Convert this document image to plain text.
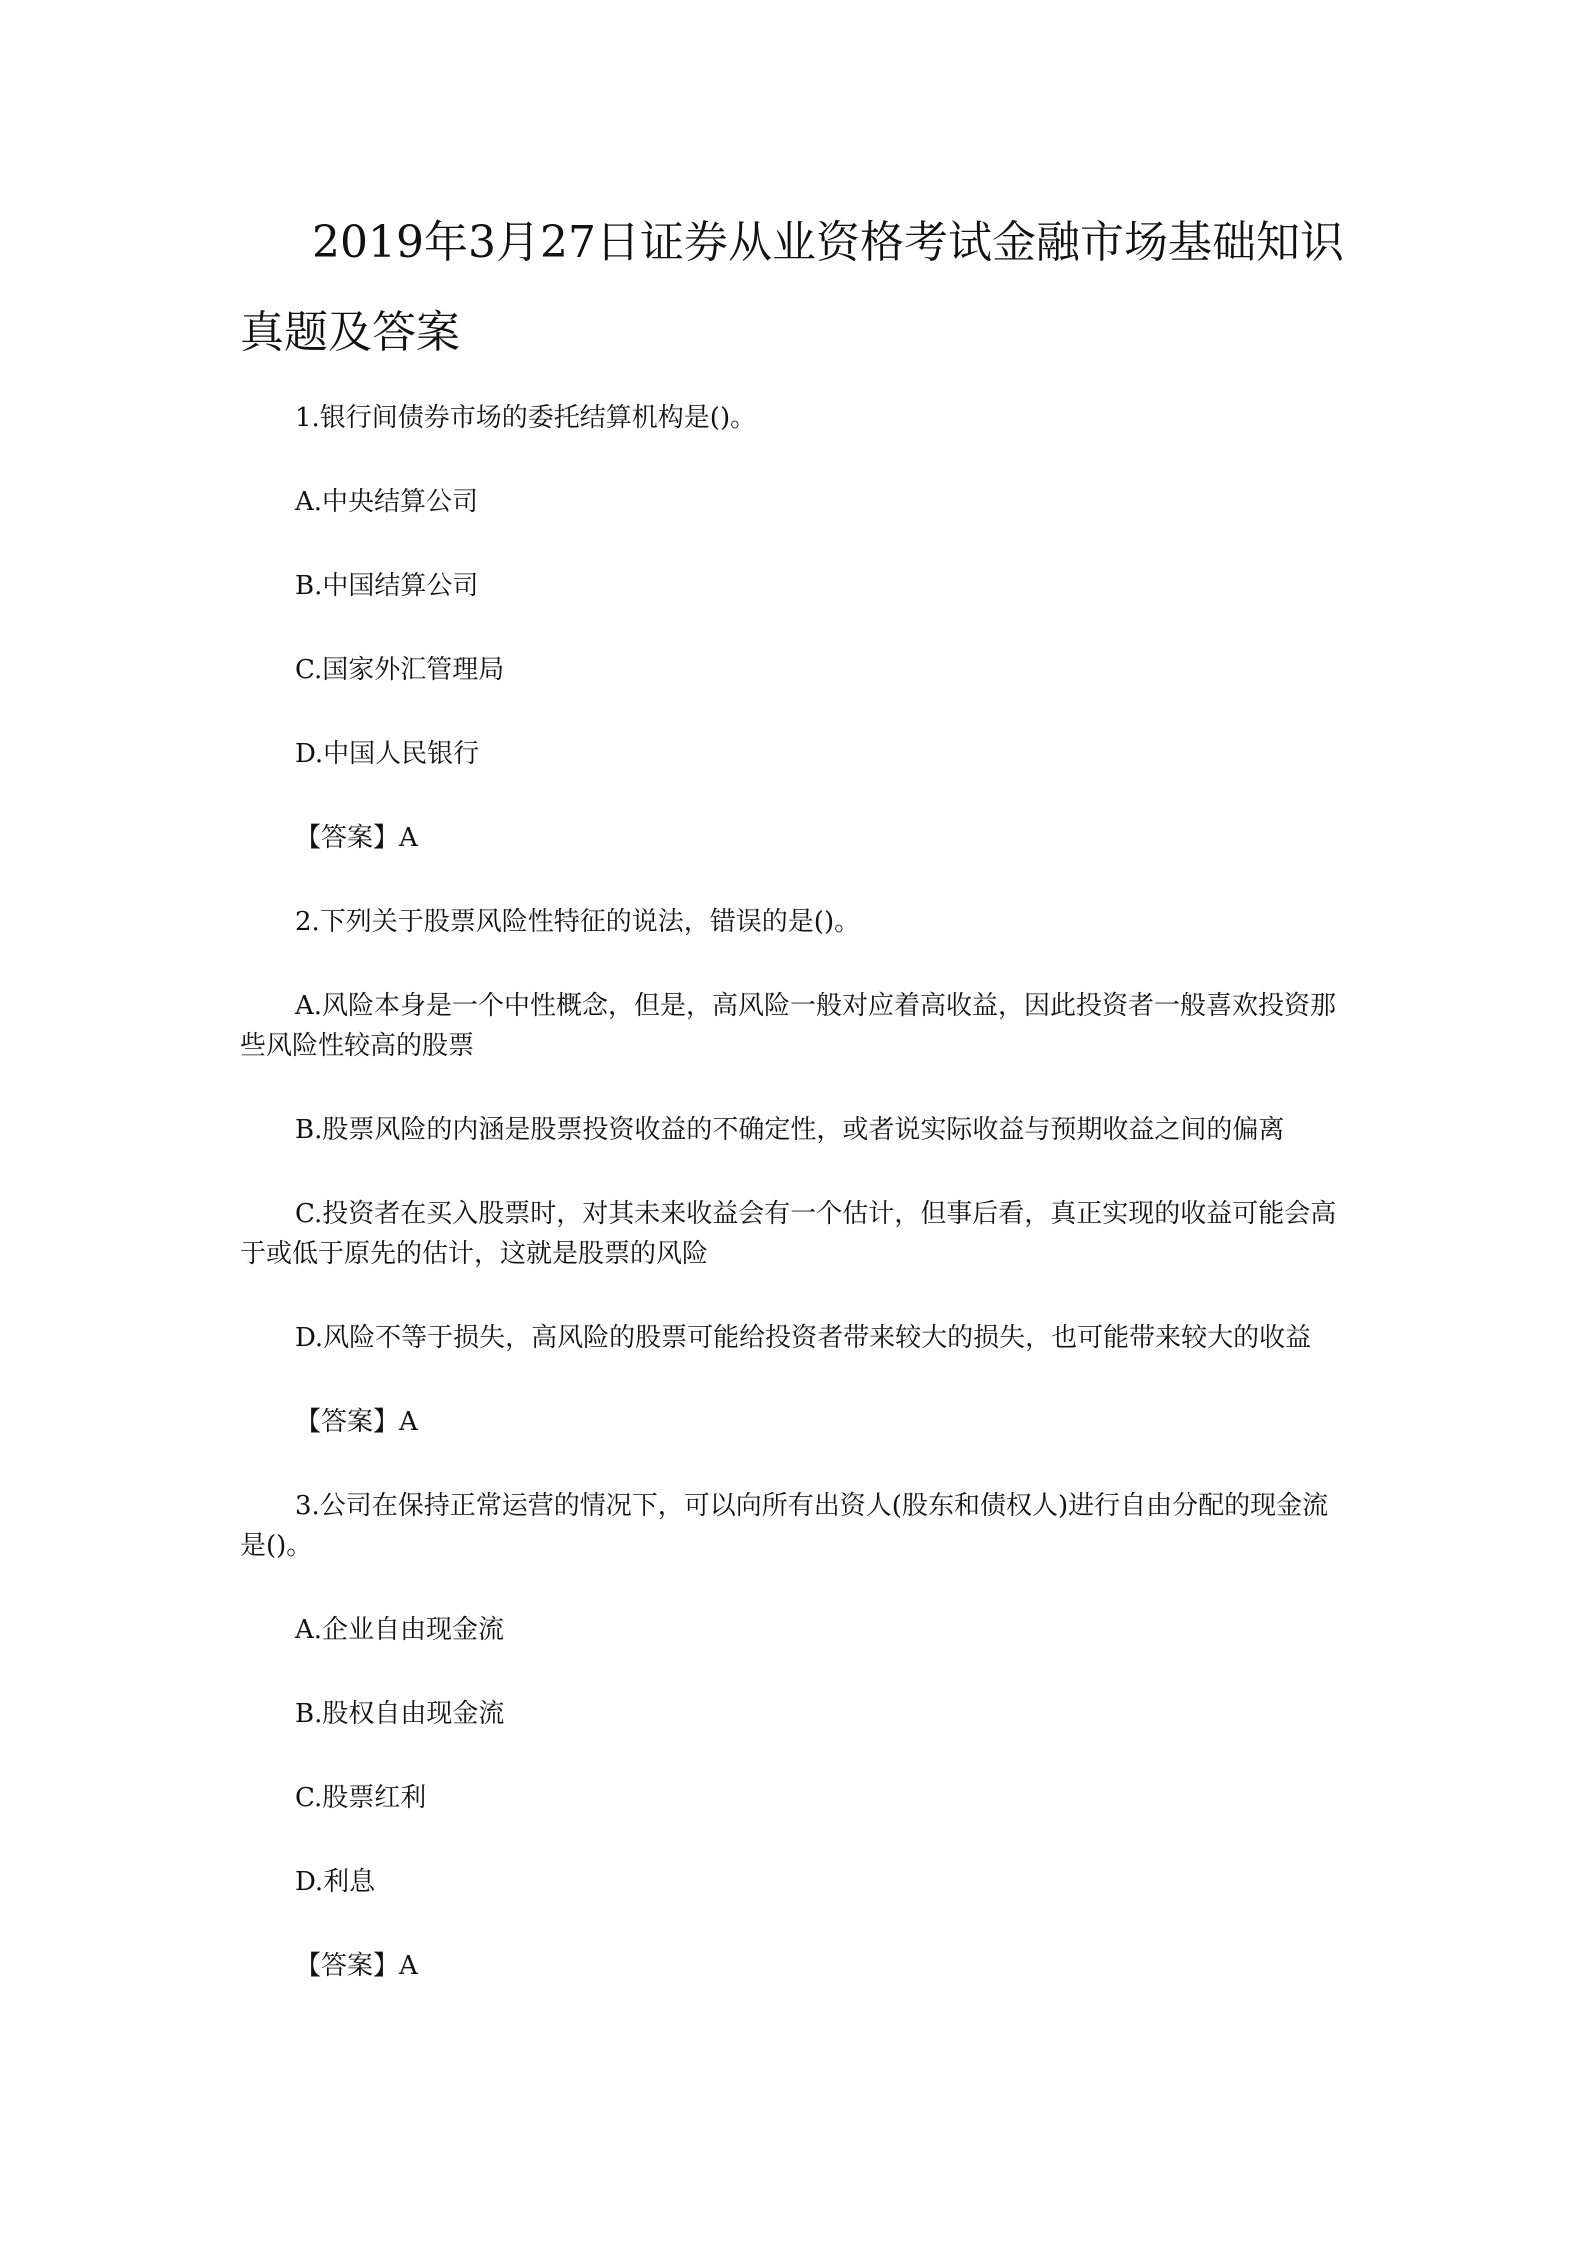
2019年3月27日证券从业资格考试金融市场基础知识真题及答案

1.银行间债券市场的委托结算机构是()。

A.中央结算公司

B.中国结算公司

C.国家外汇管理局

D.中国人民银行

【答案】A

2.下列关于股票风险性特征的说法，错误的是()。

A.风险本身是一个中性概念，但是，高风险一般对应着高收益，因此投资者一般喜欢投资那些风险性较高的股票

B.股票风险的内涵是股票投资收益的不确定性，或者说实际收益与预期收益之间的偏离

C.投资者在买入股票时，对其未来收益会有一个估计，但事后看，真正实现的收益可能会高于或低于原先的估计，这就是股票的风险

D.风险不等于损失，高风险的股票可能给投资者带来较大的损失，也可能带来较大的收益

【答案】A

3.公司在保持正常运营的情况下，可以向所有出资人(股东和债权人)进行自由分配的现金流是()。

A.企业自由现金流

B.股权自由现金流

C.股票红利

D.利息

【答案】A
